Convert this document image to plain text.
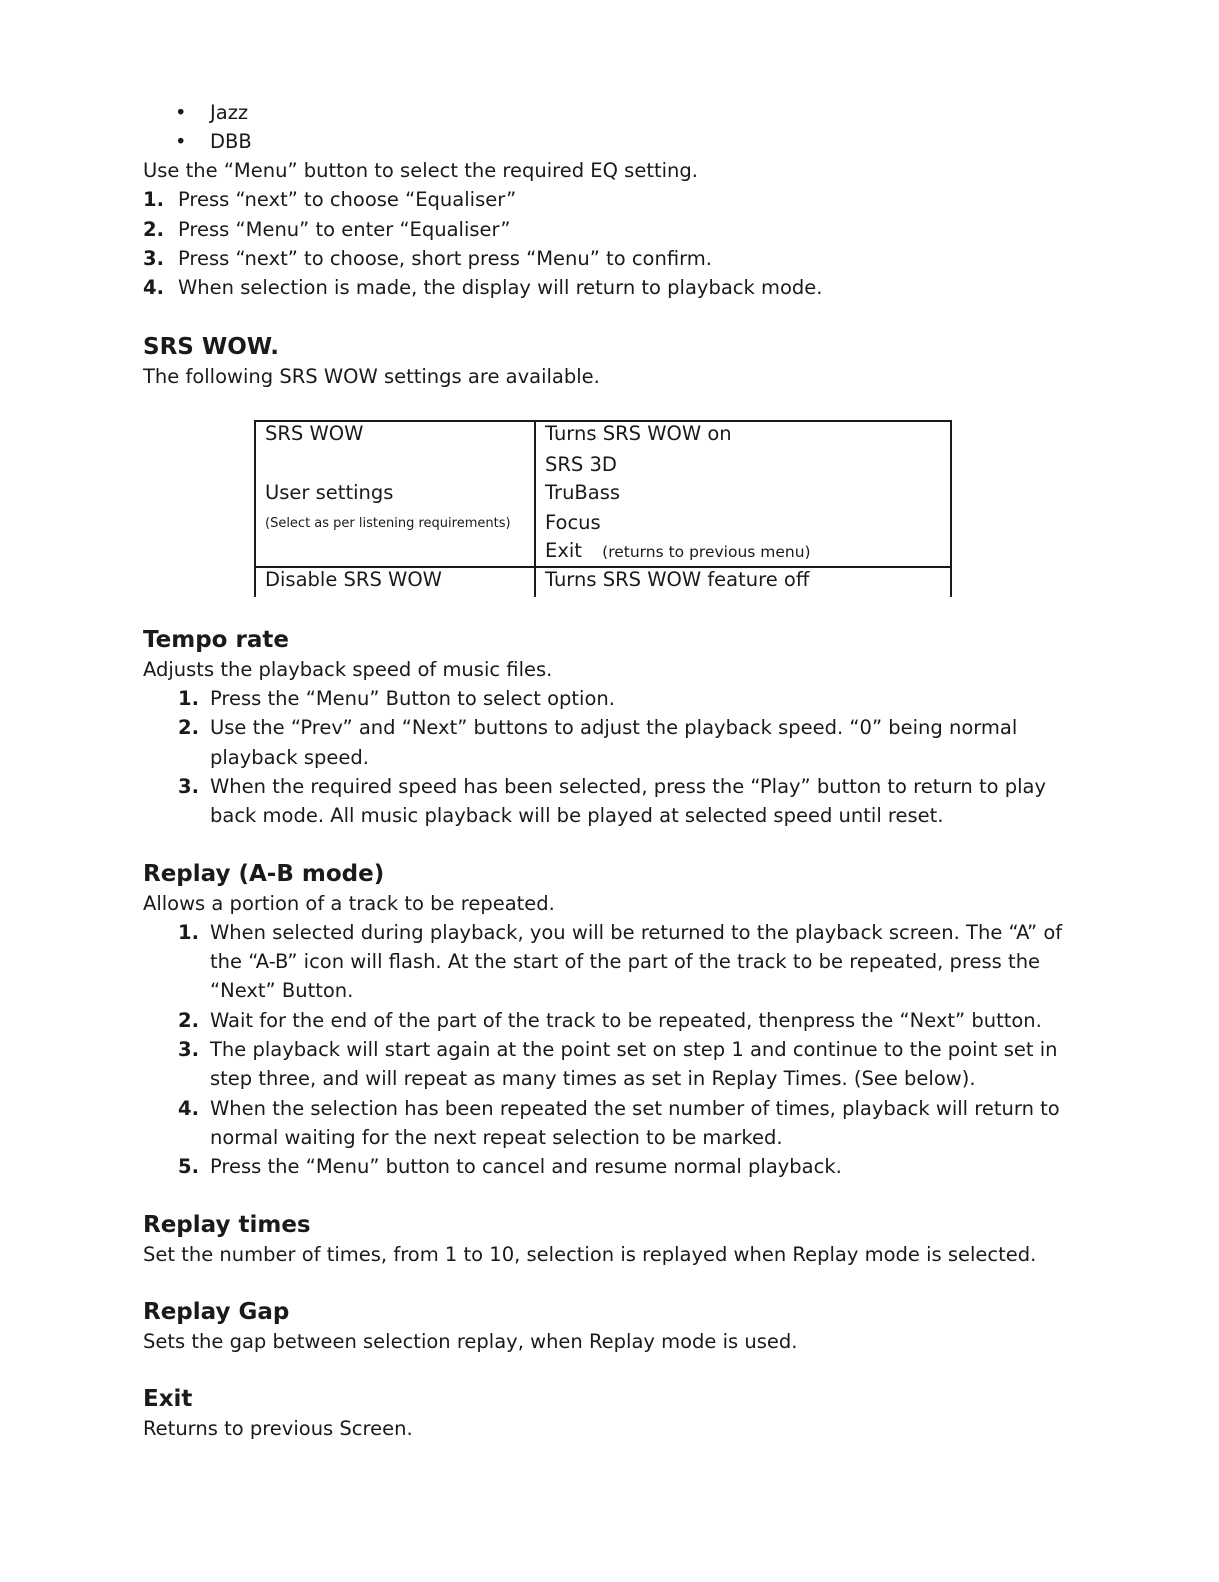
• Jazz
• DBB

Use the “Menu” button to select the required EQ setting.

1. Press “next” to choose “Equaliser”
2. Press “Menu” to enter “Equaliser”
3. Press “next” to choose, short press “Menu” to confirm.
4. When selection is made, the display will return to playback mode.
SRS WOW.

The following SRS WOW settings are available.

SRS WOW
User settings
(Select as per listening requirements)
Turns SRS WOW on
SRS 3D
TruBass
Focus
Exit (returns to previous menu)
Disable SRS WOW	Turns SRS WOW feature off
Tempo rate

Adjusts the playback speed of music files.

1. Press the “Menu” Button to select option.
2. Use the “Prev” and “Next” buttons to adjust the playback speed. “0” being normal playback speed.
3. When the required speed has been selected, press the “Play” button to return to play back mode. All music playback will be played at selected speed until reset.
Replay (A-B mode)

Allows a portion of a track to be repeated.

1. When selected during playback, you will be returned to the playback screen. The “A” of the “A-B” icon will flash. At the start of the part of the track to be repeated, press the “Next” Button.
2. Wait for the end of the part of the track to be repeated, thenpress the “Next” button.
3. The playback will start again at the point set on step 1 and continue to the point set in step three, and will repeat as many times as set in Replay Times. (See below).
4. When the selection has been repeated the set number of times, playback will return to normal waiting for the next repeat selection to be marked.
5. Press the “Menu” button to cancel and resume normal playback.
Replay times

Set the number of times, from 1 to 10, selection is replayed when Replay mode is selected.

Replay Gap

Sets the gap between selection replay, when Replay mode is used.

Exit

Returns to previous Screen.
